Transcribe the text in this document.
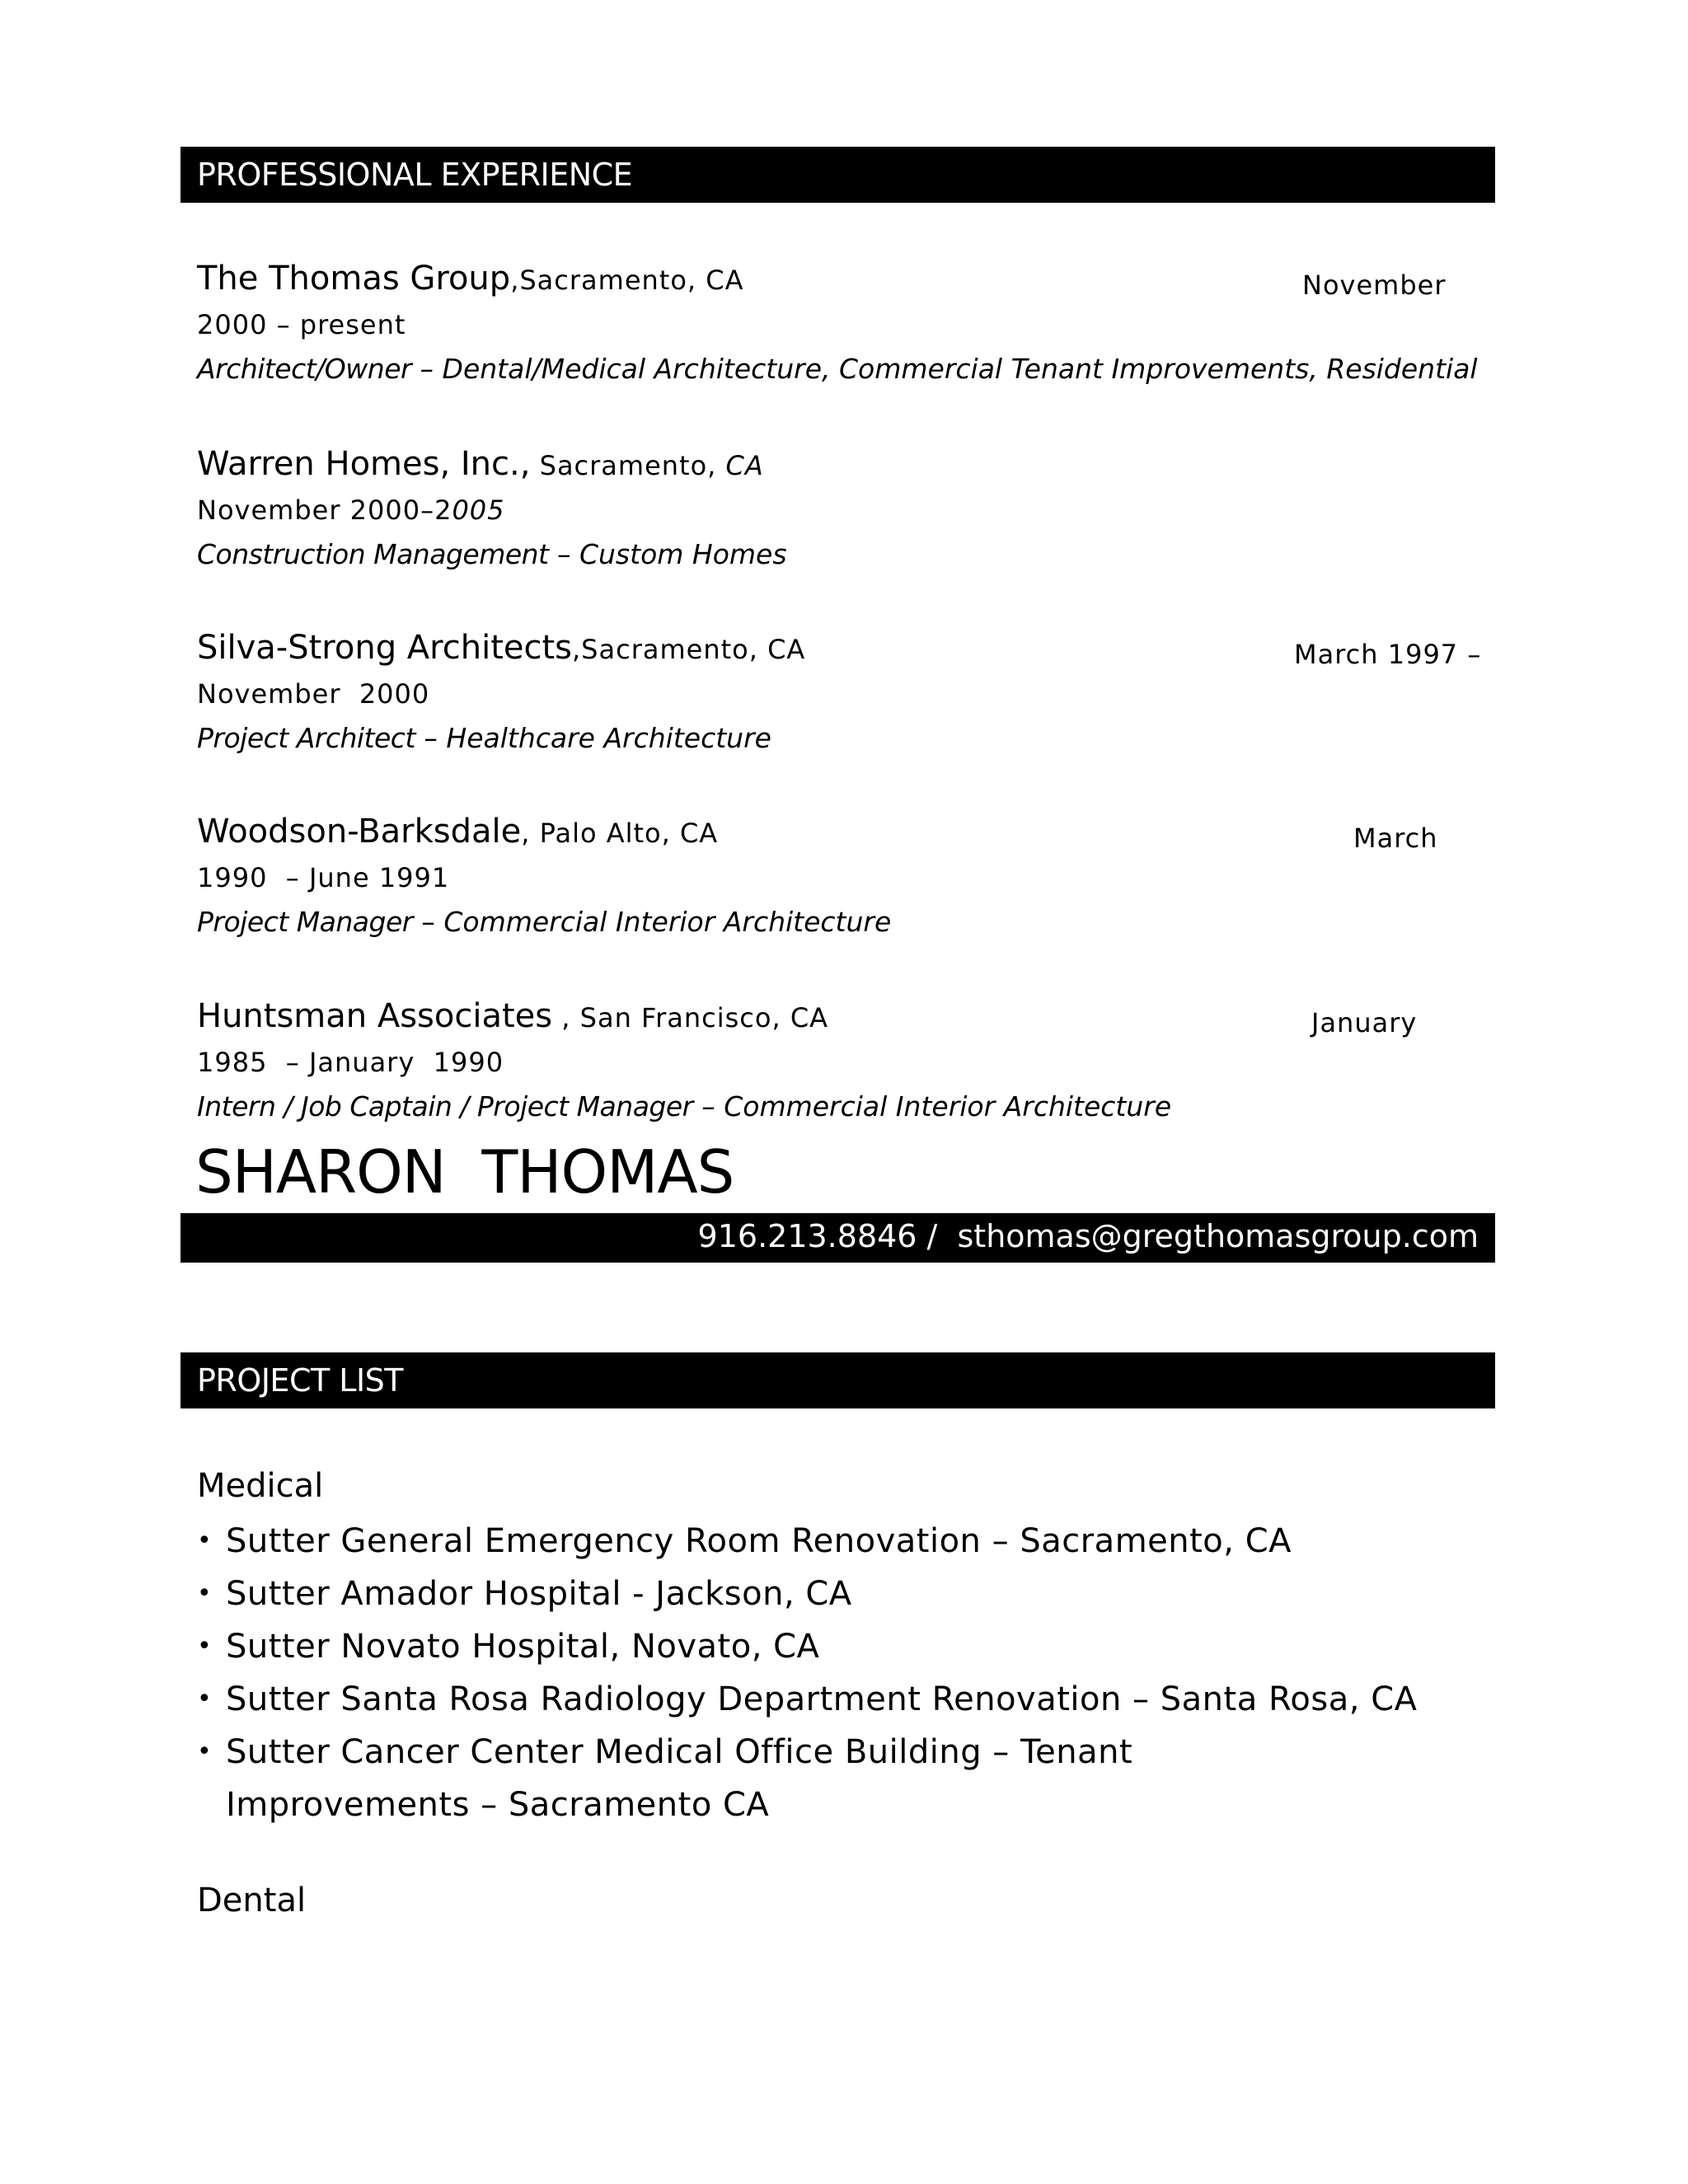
PROFESSIONAL EXPERIENCE
The Thomas Group,Sacramento, CA	November
2000 – present
Architect/Owner – Dental/Medical Architecture, Commercial Tenant Improvements, Residential
Warren Homes, Inc., Sacramento, CA
November 2000–2005
Construction Management – Custom Homes
Silva-Strong Architects,Sacramento, CA	March 1997 –
November  2000
Project Architect – Healthcare Architecture
Woodson-Barksdale, Palo Alto, CA	March
1990  – June 1991
Project Manager – Commercial Interior Architecture
Huntsman Associates , San Francisco, CA	January
1985  – January  1990
Intern / Job Captain / Project Manager – Commercial Interior Architecture
SHARON  THOMAS
916.213.8846 /  sthomas@gregthomasgroup.com
PROJECT LIST
Medical
• Sutter General Emergency Room Renovation – Sacramento, CA
• Sutter Amador Hospital - Jackson, CA
• Sutter Novato Hospital, Novato, CA
• Sutter Santa Rosa Radiology Department Renovation – Santa Rosa, CA
• Sutter Cancer Center Medical Office Building – Tenant Improvements – Sacramento CA
Dental
